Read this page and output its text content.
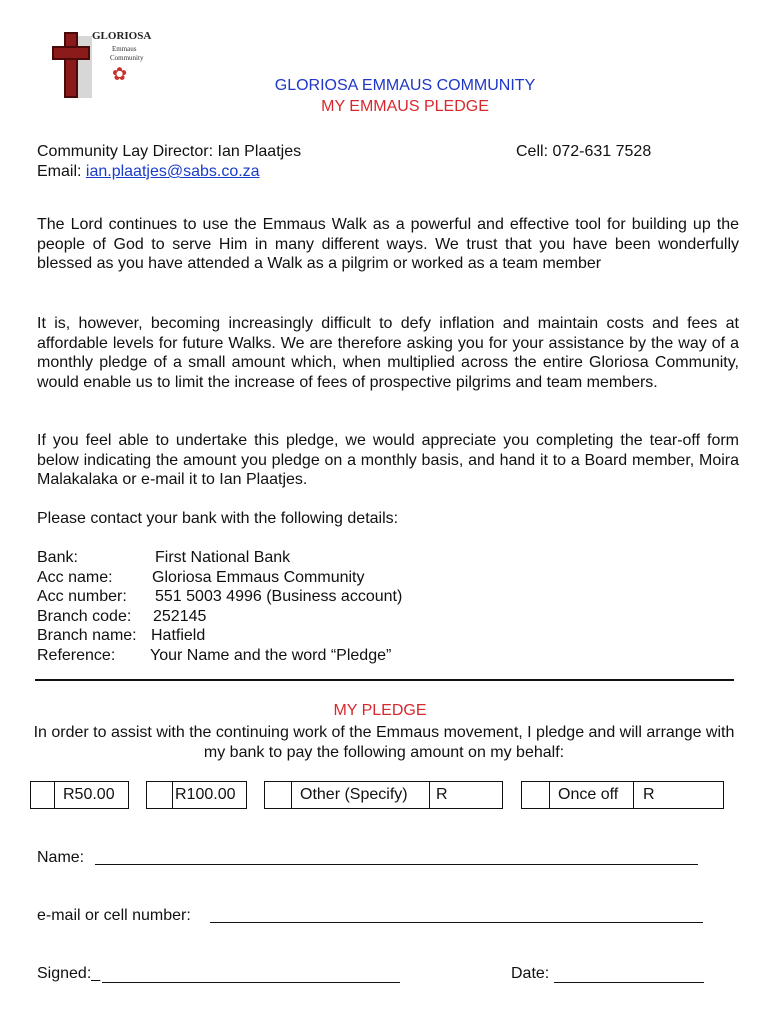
GLORIOSA
Emmaus
Community
✿
GLORIOSA EMMAUS COMMUNITY
MY EMMAUS PLEDGE
Community Lay Director: Ian Plaatjes	Cell: 072-631 7528
Email: ian.plaatjes@sabs.co.za
The Lord continues to use the Emmaus Walk as a powerful and effective tool for building up the people of God to serve Him in many different ways. We trust that you have been wonderfully blessed as you have attended a Walk as a pilgrim or worked as a team member
It is, however, becoming increasingly difficult to defy inflation and maintain costs and fees at affordable levels for future Walks. We are therefore asking you for your assistance by the way of a monthly pledge of a small amount which, when multiplied across the entire Gloriosa Community, would enable us to limit the increase of fees of prospective pilgrims and team members.
If you feel able to undertake this pledge, we would appreciate you completing the tear-off form below indicating the amount you pledge on a monthly basis, and hand it to a Board member, Moira Malakalaka or e-mail it to Ian Plaatjes.
Please contact your bank with the following details:
Bank:	First National Bank
Acc name: Gloriosa Emmaus Community
Acc number: 551 5003 4996 (Business account)
Branch code: 252145
Branch name: Hatfield
Reference: Your Name and the word “Pledge”
MY PLEDGE
In order to assist with the continuing work of the Emmaus movement, I pledge and will arrange with my bank to pay the following amount on my behalf:
R50.00	R100.00	Other (Specify) R	Once off R
Name:
e-mail or cell number:
Signed:_	Date:
